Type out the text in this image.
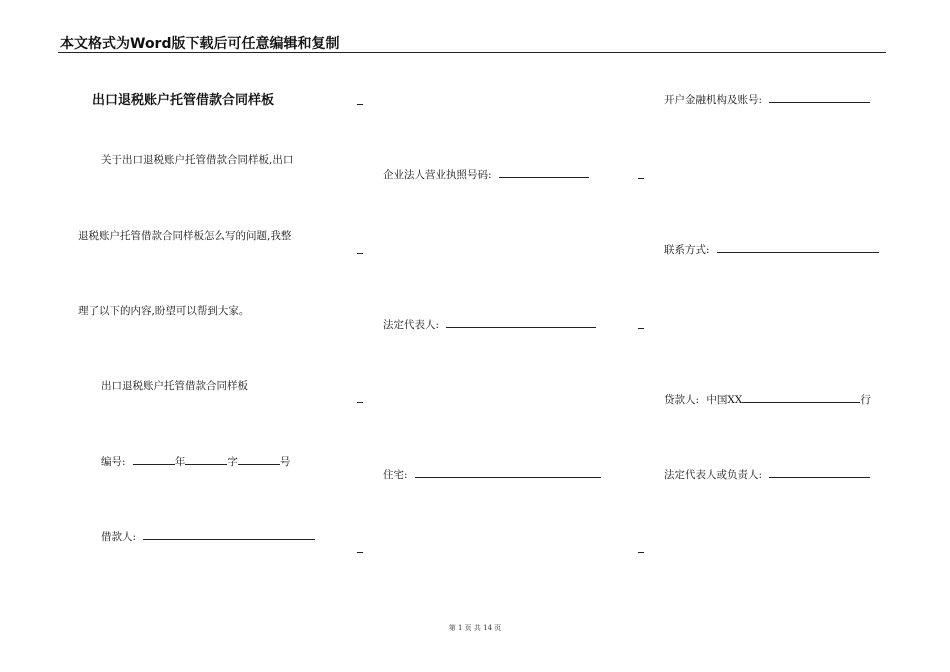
本文格式为Word版下载后可任意编辑和复制
出口退税账户托管借款合同样板
关于出口退税账户托管借款合同样板,出口
退税账户托管借款合同样板怎么写的问题,我整
理了以下的内容,盼望可以帮到大家。
出口退税账户托管借款合同样板
编号:	年	字	号
借款人:
企业法人营业执照号码:
法定代表人:
住宅:
开户金融机构及账号:
联系方式:
贷款人: 中国XX	行
法定代表人或负责人:
第 1 页 共 14 页
